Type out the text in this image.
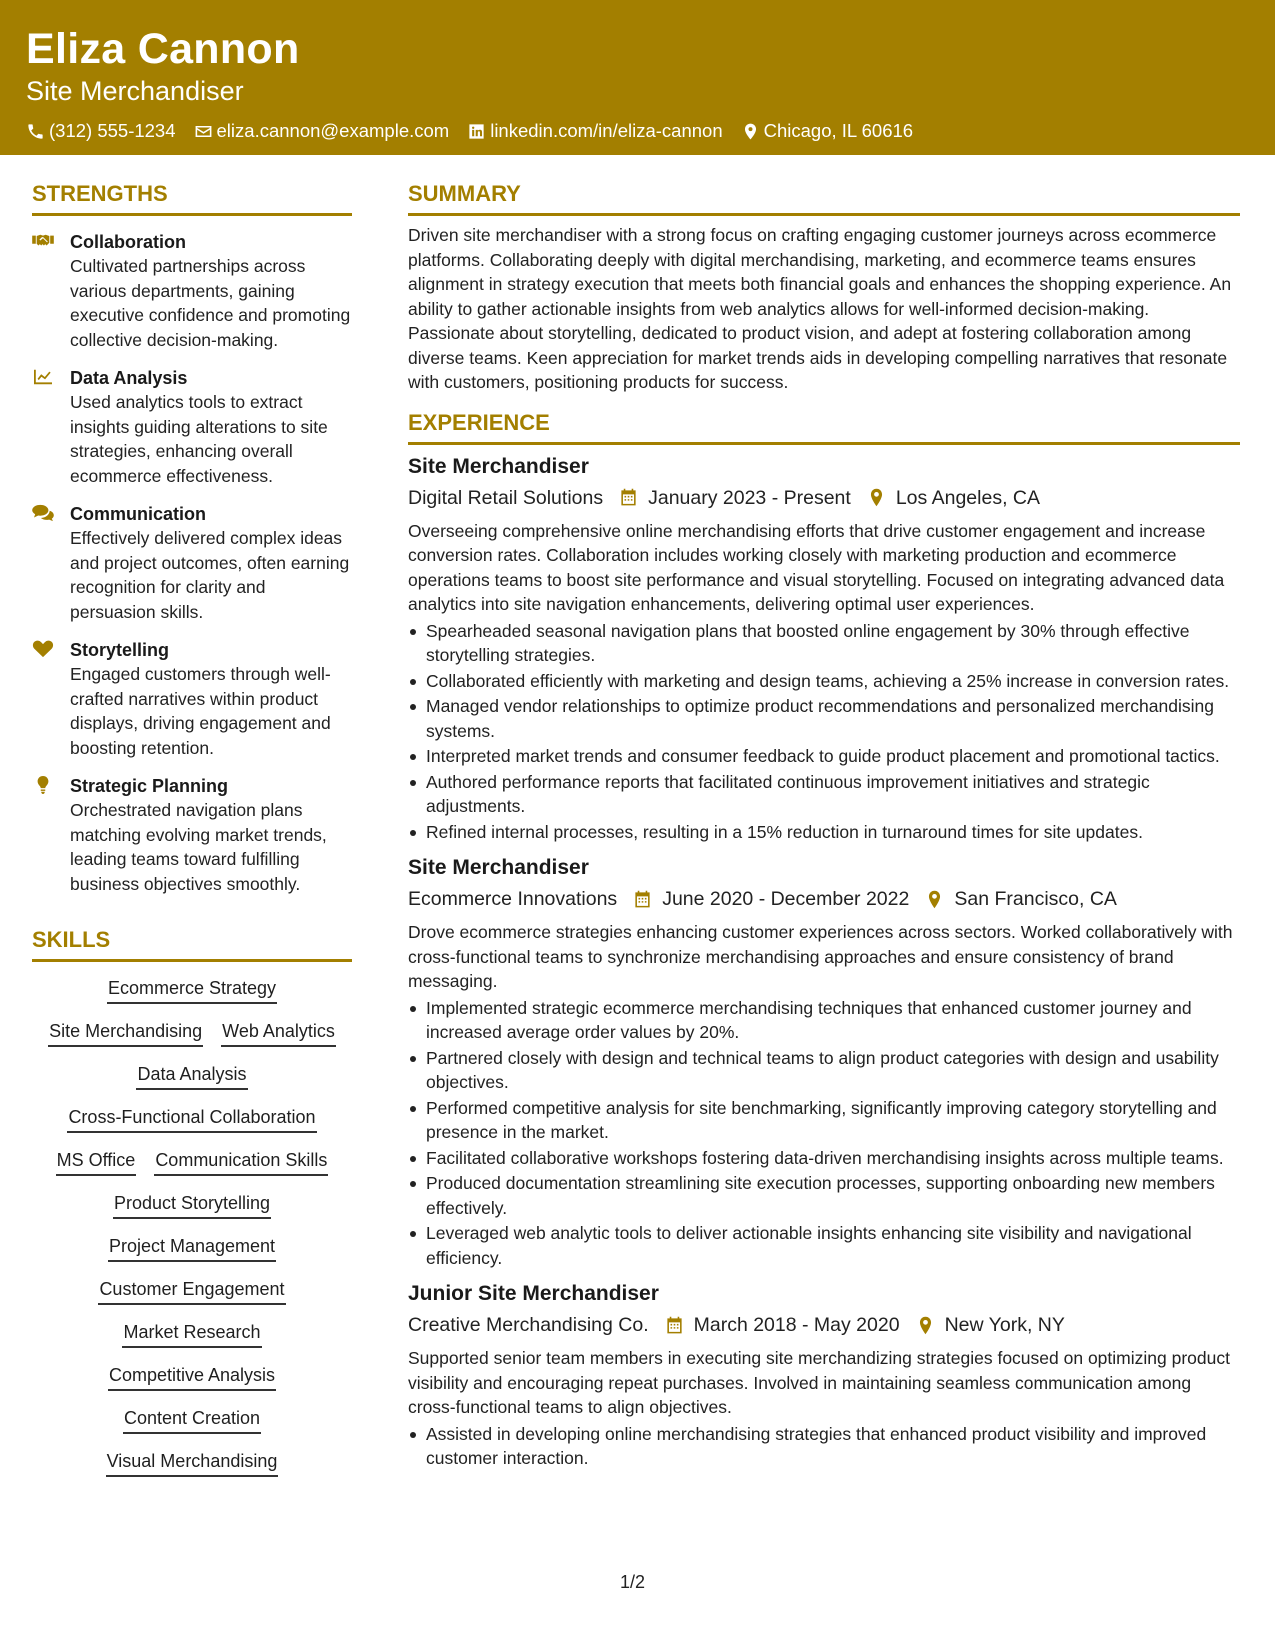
Eliza Cannon
Site Merchandiser
(312) 555-1234 eliza.cannon@example.com linkedin.com/in/eliza-cannon Chicago, IL 60616
STRENGTHS
Collaboration
Cultivated partnerships across various departments, gaining executive confidence and promoting collective decision-making.
Data Analysis
Used analytics tools to extract insights guiding alterations to site strategies, enhancing overall ecommerce effectiveness.
Communication
Effectively delivered complex ideas and project outcomes, often earning recognition for clarity and persuasion skills.
Storytelling
Engaged customers through well-crafted narratives within product displays, driving engagement and boosting retention.
Strategic Planning
Orchestrated navigation plans matching evolving market trends, leading teams toward fulfilling business objectives smoothly.
SKILLS
Ecommerce Strategy
Site Merchandising Web Analytics
Data Analysis
Cross-Functional Collaboration
MS Office Communication Skills
Product Storytelling
Project Management
Customer Engagement
Market Research
Competitive Analysis
Content Creation
Visual Merchandising
SUMMARY
Driven site merchandiser with a strong focus on crafting engaging customer journeys across ecommerce platforms. Collaborating deeply with digital merchandising, marketing, and ecommerce teams ensures alignment in strategy execution that meets both financial goals and enhances the shopping experience. An ability to gather actionable insights from web analytics allows for well-informed decision-making. Passionate about storytelling, dedicated to product vision, and adept at fostering collaboration among diverse teams. Keen appreciation for market trends aids in developing compelling narratives that resonate with customers, positioning products for success.
EXPERIENCE
Site Merchandiser
Digital Retail Solutions January 2023 - Present Los Angeles, CA
Overseeing comprehensive online merchandising efforts that drive customer engagement and increase conversion rates. Collaboration includes working closely with marketing production and ecommerce operations teams to boost site performance and visual storytelling. Focused on integrating advanced data analytics into site navigation enhancements, delivering optimal user experiences.
Spearheaded seasonal navigation plans that boosted online engagement by 30% through effective storytelling strategies.
Collaborated efficiently with marketing and design teams, achieving a 25% increase in conversion rates.
Managed vendor relationships to optimize product recommendations and personalized merchandising systems.
Interpreted market trends and consumer feedback to guide product placement and promotional tactics.
Authored performance reports that facilitated continuous improvement initiatives and strategic adjustments.
Refined internal processes, resulting in a 15% reduction in turnaround times for site updates.
Site Merchandiser
Ecommerce Innovations June 2020 - December 2022 San Francisco, CA
Drove ecommerce strategies enhancing customer experiences across sectors. Worked collaboratively with cross-functional teams to synchronize merchandising approaches and ensure consistency of brand messaging.
Implemented strategic ecommerce merchandising techniques that enhanced customer journey and increased average order values by 20%.
Partnered closely with design and technical teams to align product categories with design and usability objectives.
Performed competitive analysis for site benchmarking, significantly improving category storytelling and presence in the market.
Facilitated collaborative workshops fostering data-driven merchandising insights across multiple teams.
Produced documentation streamlining site execution processes, supporting onboarding new members effectively.
Leveraged web analytic tools to deliver actionable insights enhancing site visibility and navigational efficiency.
Junior Site Merchandiser
Creative Merchandising Co. March 2018 - May 2020 New York, NY
Supported senior team members in executing site merchandizing strategies focused on optimizing product visibility and encouraging repeat purchases. Involved in maintaining seamless communication among cross-functional teams to align objectives.
Assisted in developing online merchandising strategies that enhanced product visibility and improved customer interaction.
1/2
